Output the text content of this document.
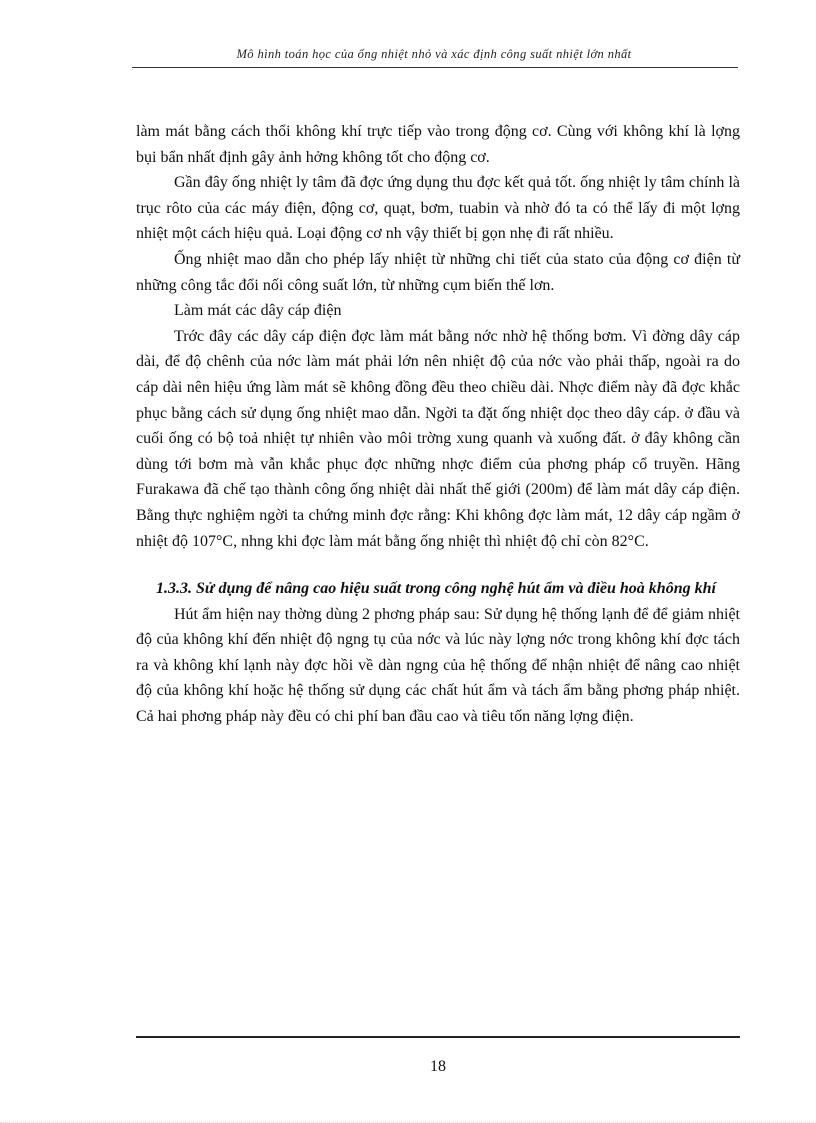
Mô hình toán học của ống nhiệt nhỏ và xác định công suất nhiệt lớn nhất

làm mát bằng cách thổi không khí trực tiếp vào trong động cơ. Cùng với không khí là lợng bụi bẩn nhất định gây ảnh hởng không tốt cho động cơ.

Gần đây ống nhiệt ly tâm đã đợc ứng dụng thu đợc kết quả tốt. ống nhiệt ly tâm chính là trục rôto của các máy điện, động cơ, quạt, bơm, tuabin và nhờ đó ta có thể lấy đi một lợng nhiệt một cách hiệu quả. Loại động cơ nh vậy thiết bị gọn nhẹ đi rất nhiều.

Ống nhiệt mao dẫn cho phép lấy nhiệt từ những chi tiết của stato của động cơ điện từ những công tắc đổi nối công suất lớn, từ những cụm biến thế lơn.

Làm mát các dây cáp điện

Trớc đây các dây cáp điện đợc làm mát bằng nớc nhờ hệ thống bơm. Vì đờng dây cáp dài, để độ chênh của nớc làm mát phải lớn nên nhiệt độ của nớc vào phải thấp, ngoài ra do cáp dài nên hiệu ứng làm mát sẽ không đồng đều theo chiều dài. Nhợc điểm này đã đợc khắc phục bằng cách sử dụng ống nhiệt mao dẫn. Ngời ta đặt ống nhiệt dọc theo dây cáp. ở đầu và cuối ống có bộ toả nhiệt tự nhiên vào môi trờng xung quanh và xuống đất. ở đây không cần dùng tới bơm mà vẫn khắc phục đợc những nhợc điểm của phơng pháp cổ truyền. Hãng Furakawa đã chế tạo thành công ống nhiệt dài nhất thế giới (200m) để làm mát dây cáp điện. Bằng thực nghiệm ngời ta chứng minh đợc rằng: Khi không đợc làm mát, 12 dây cáp ngầm ở nhiệt độ 107°C, nhng khi đợc làm mát bằng ống nhiệt thì nhiệt độ chỉ còn 82°C.

1.3.3. Sử dụng để nâng cao hiệu suất trong công nghệ hút ẩm và điều hoà không khí

Hút ẩm hiện nay thờng dùng 2 phơng pháp sau: Sử dụng hệ thống lạnh để để giảm nhiệt độ của không khí đến nhiệt độ ngng tụ của nớc và lúc này lợng nớc trong không khí đợc tách ra và không khí lạnh này đợc hồi về dàn ngng của hệ thống để nhận nhiệt để nâng cao nhiệt độ của không khí hoặc hệ thống sử dụng các chất hút ẩm và tách ẩm bằng phơng pháp nhiệt. Cả hai phơng pháp này đều có chi phí ban đầu cao và tiêu tốn năng lợng điện.

18
